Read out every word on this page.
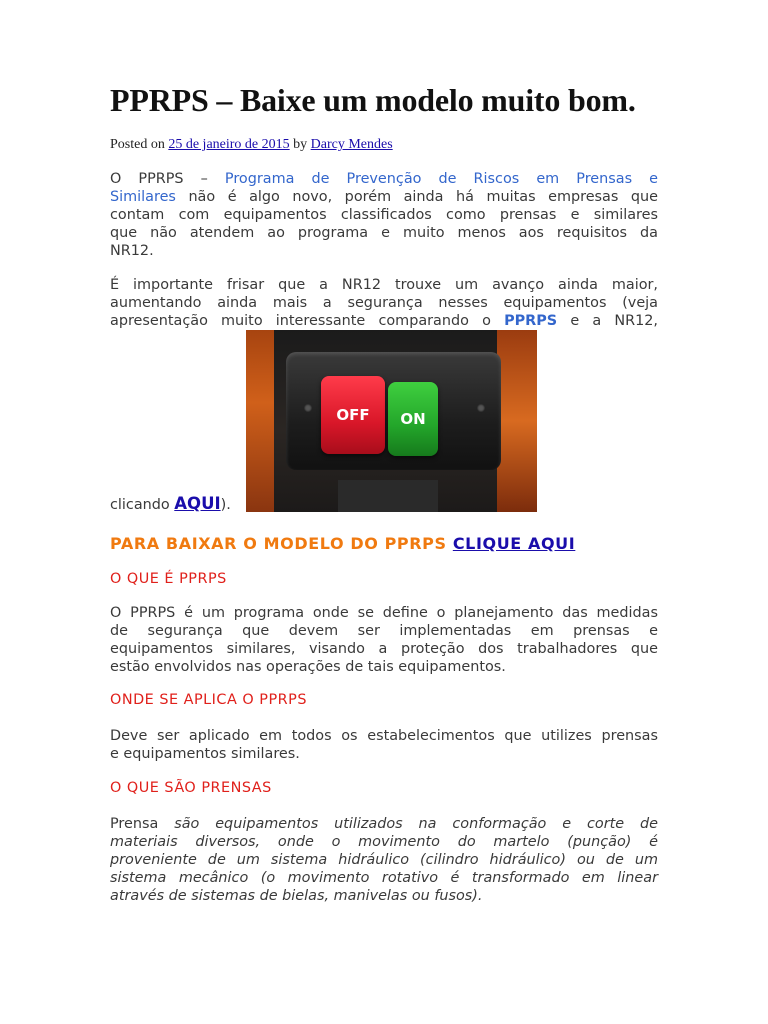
PPRPS – Baixe um modelo muito bom.

Posted on 25 de janeiro de 2015 by Darcy Mendes

O PPRPS – Programa de Prevenção de Riscos em Prensas e
Similares não é algo novo, porém ainda há muitas empresas que
contam com equipamentos classificados como prensas e similares
que não atendem ao programa e muito menos aos requisitos da
NR12.
É importante frisar que a NR12 trouxe um avanço ainda maior,
aumentando ainda mais a segurança nesses equipamentos (veja
apresentação muito interessante comparando o PPRPS e a NR12,

clicando AQUI).

PARA BAIXAR O MODELO DO PPRPS CLIQUE AQUI

O QUE É PPRPS

O PPRPS é um programa onde se define o planejamento das medidas
de segurança que devem ser implementadas em prensas e
equipamentos similares, visando a proteção dos trabalhadores que
estão envolvidos nas operações de tais equipamentos.

ONDE SE APLICA O PPRPS

Deve ser aplicado em todos os estabelecimentos que utilizes prensas
e equipamentos similares.

O QUE SÃO PRENSAS

Prensa são equipamentos utilizados na conformação e corte de
materiais diversos, onde o movimento do martelo (punção) é
proveniente de um sistema hidráulico (cilindro hidráulico) ou de um
sistema mecânico (o movimento rotativo é transformado em linear
através de sistemas de bielas, manivelas ou fusos).
OFF	ON
